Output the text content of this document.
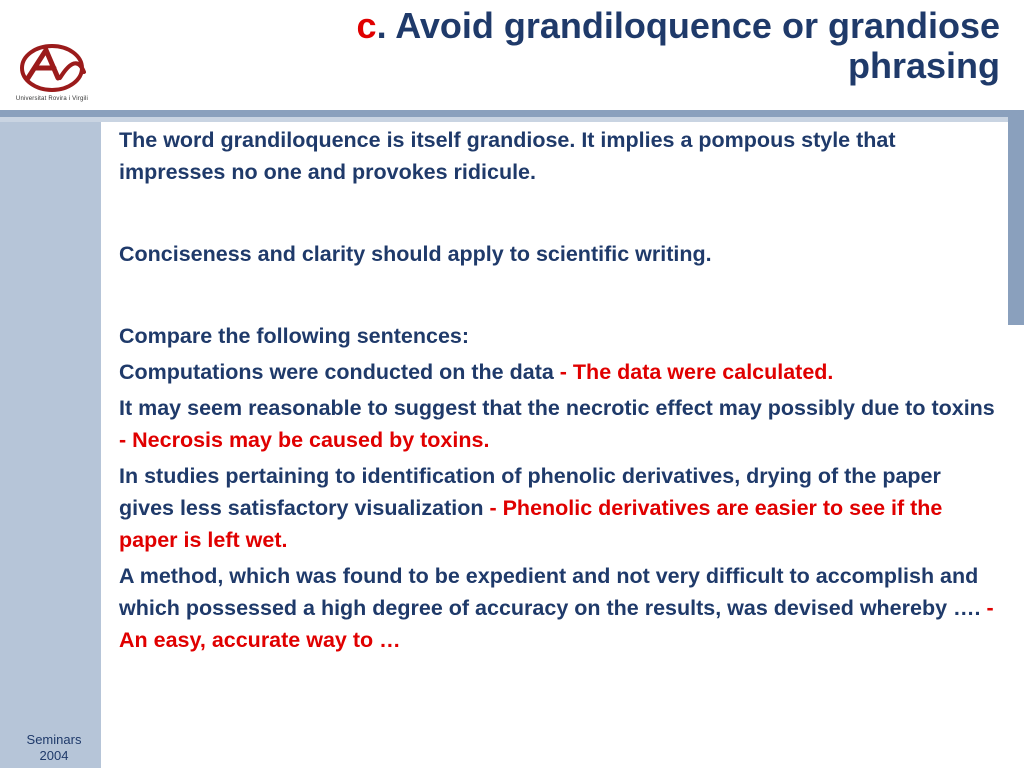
Universitat Rovira i Virgili
c. Avoid grandiloquence or grandiose phrasing

The word grandiloquence is itself grandiose. It implies a pompous style that impresses no one and provokes ridicule.

Conciseness and clarity should apply to scientific writing.

Compare the following sentences:

Computations were conducted on the data - The data were calculated.

It may seem reasonable to suggest that the necrotic effect may possibly due to toxins - Necrosis may be caused by toxins.

In studies pertaining to identification of phenolic derivatives, drying of the paper gives less satisfactory visualization - Phenolic derivatives are easier to see if the paper is left wet.

A method, which was found to be expedient and not very difficult to accomplish and which possessed a high degree of accuracy on the results, was devised whereby …. - An easy, accurate way to …

Seminars
2004
